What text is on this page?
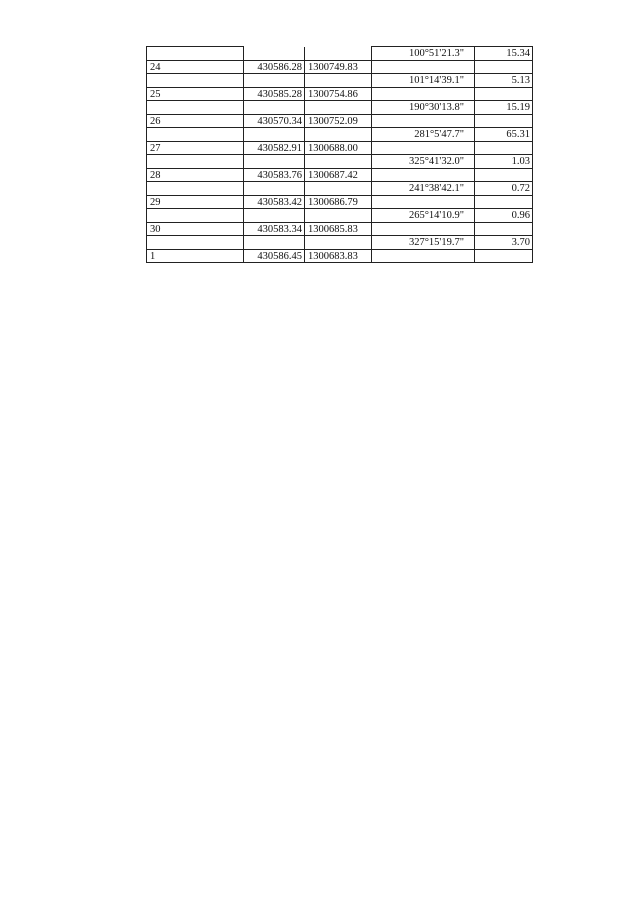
			100°51'21.3"	15.34
24	430586.28	1300749.83		
			101°14'39.1"	5.13
25	430585.28	1300754.86		
			190°30'13.8"	15.19
26	430570.34	1300752.09		
			281°5'47.7"	65.31
27	430582.91	1300688.00		
			325°41'32.0"	1.03
28	430583.76	1300687.42		
			241°38'42.1"	0.72
29	430583.42	1300686.79		
			265°14'10.9"	0.96
30	430583.34	1300685.83		
			327°15'19.7"	3.70
1	430586.45	1300683.83		
